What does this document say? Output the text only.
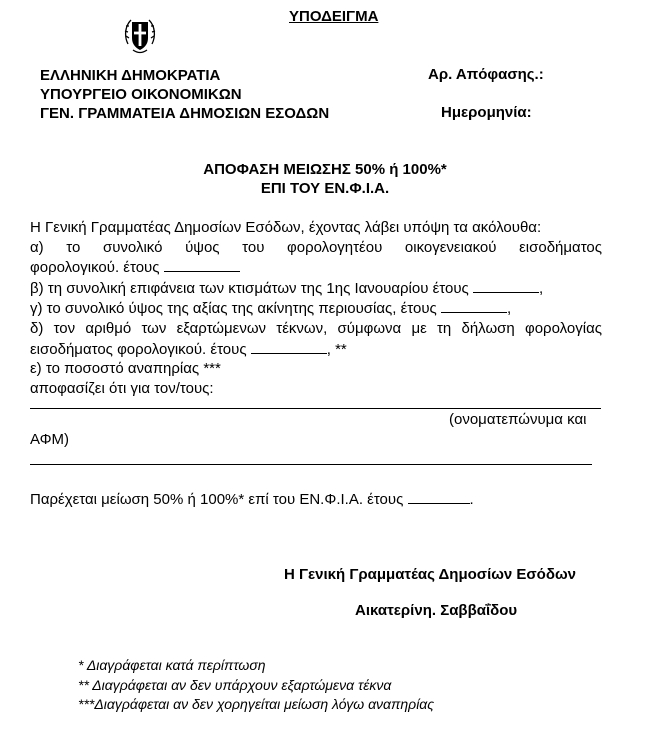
ΥΠΟΔΕΙΓΜΑ
ΕΛΛΗΝΙΚΗ ΔΗΜΟΚΡΑΤΙΑ
ΥΠΟΥΡΓΕΙΟ ΟΙΚΟΝΟΜΙΚΩΝ
ΓΕΝ. ΓΡΑΜΜΑΤΕΙΑ ΔΗΜΟΣΙΩΝ ΕΣΟΔΩΝ
Αρ. Απόφασης.:
Ημερομηνία:
ΑΠΟΦΑΣΗ ΜΕΙΩΣΗΣ 50% ή 100%*
ΕΠΙ ΤΟΥ ΕΝ.Φ.Ι.Α.
Η Γενική Γραμματέας Δημοσίων Εσόδων, έχοντας λάβει υπόψη τα ακόλουθα:
α) το συνολικό ύψος του φορολογητέου οικογενειακού εισοδήματος
φορολογικού. έτους
β) τη συνολική επιφάνεια των κτισμάτων της 1ης Ιανουαρίου έτους	,
γ) το συνολικό ύψος της αξίας της ακίνητης περιουσίας, έτους	,
δ) τον αριθμό των εξαρτώμενων τέκνων, σύμφωνα με τη δήλωση φορολογίας
εισοδήματος φορολογικού. έτους	, **
ε) το ποσοστό αναπηρίας ***
αποφασίζει ότι για τον/τους:
(ονοματεπώνυμα και
ΑΦΜ)
Παρέχεται μείωση 50% ή 100%* επί του ΕΝ.Φ.Ι.Α. έτους	.
Η Γενική Γραμματέας Δημοσίων Εσόδων
Αικατερίνη. Σαββαΐδου
* Διαγράφεται κατά περίπτωση
** Διαγράφεται αν δεν υπάρχουν εξαρτώμενα τέκνα
***Διαγράφεται αν δεν χορηγείται μείωση λόγω αναπηρίας
